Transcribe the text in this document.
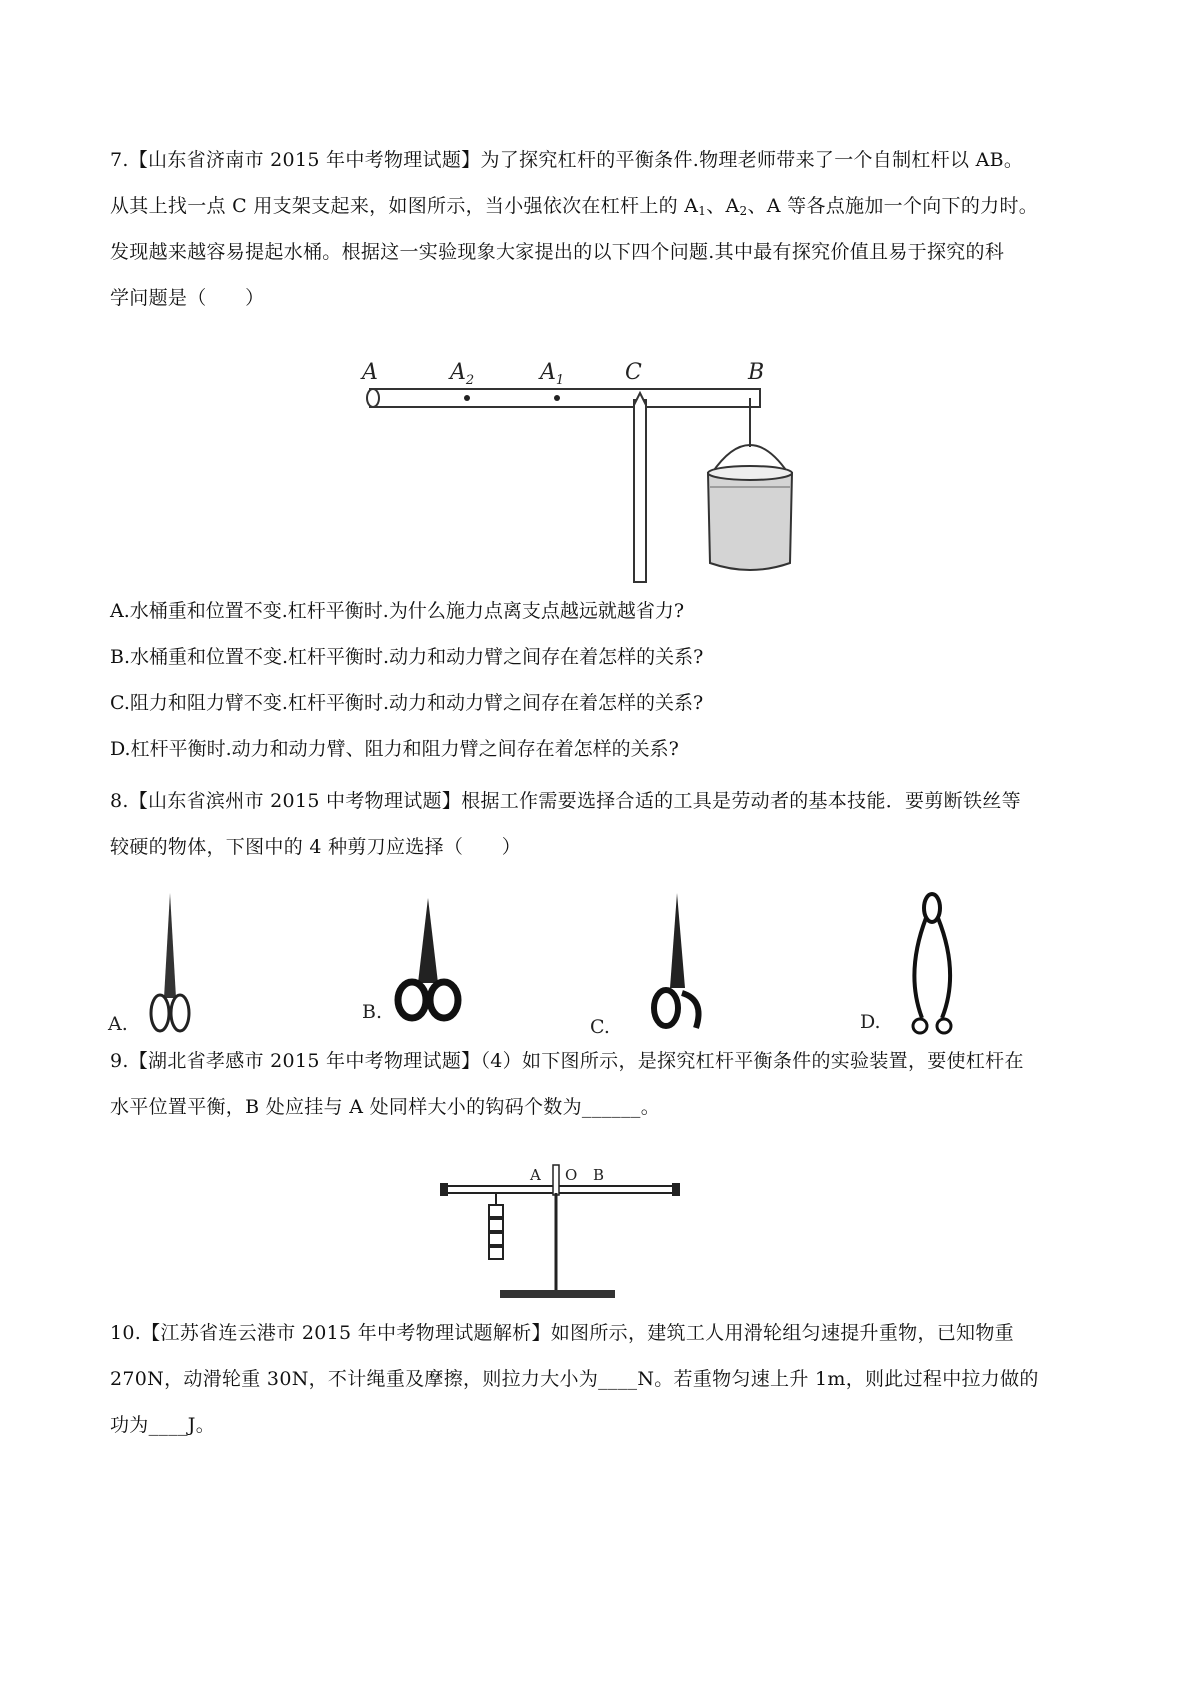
7.【山东省济南市 2015 年中考物理试题】为了探究杠杆的平衡条件.物理老师带来了一个自制杠杆以 AB。
从其上找一点 C 用支架支起来，如图所示，当小强依次在杠杆上的 $A_1$、$A_2$、A 等各点施加一个向下的力时。
发现越来越容易提起水桶。根据这一实验现象大家提出的以下四个问题.其中最有探究价值且易于探究的科
学问题是（　　）
A	$A_2$	$A_1$	C	B
A.水桶重和位置不变.杠杆平衡时.为什么施力点离支点越远就越省力?
B.水桶重和位置不变.杠杆平衡时.动力和动力臂之间存在着怎样的关系?
C.阻力和阻力臂不变.杠杆平衡时.动力和动力臂之间存在着怎样的关系?
D.杠杆平衡时.动力和动力臂、阻力和阻力臂之间存在着怎样的关系?
8.【山东省滨州市 2015 中考物理试题】根据工作需要选择合适的工具是劳动者的基本技能．要剪断铁丝等
较硬的物体，下图中的 4 种剪刀应选择（　　）
A.
B.
C.	D.
9.【湖北省孝感市 2015 年中考物理试题】（4）如下图所示，是探究杠杆平衡条件的实验装置，要使杠杆在
水平位置平衡，B 处应挂与 A 处同样大小的钩码个数为______。
A O B
10.【江苏省连云港市 2015 年中考物理试题解析】如图所示，建筑工人用滑轮组匀速提升重物，已知物重
270N，动滑轮重 30N，不计绳重及摩擦，则拉力大小为____N。若重物匀速上升 1m，则此过程中拉力做的
功为____J。
